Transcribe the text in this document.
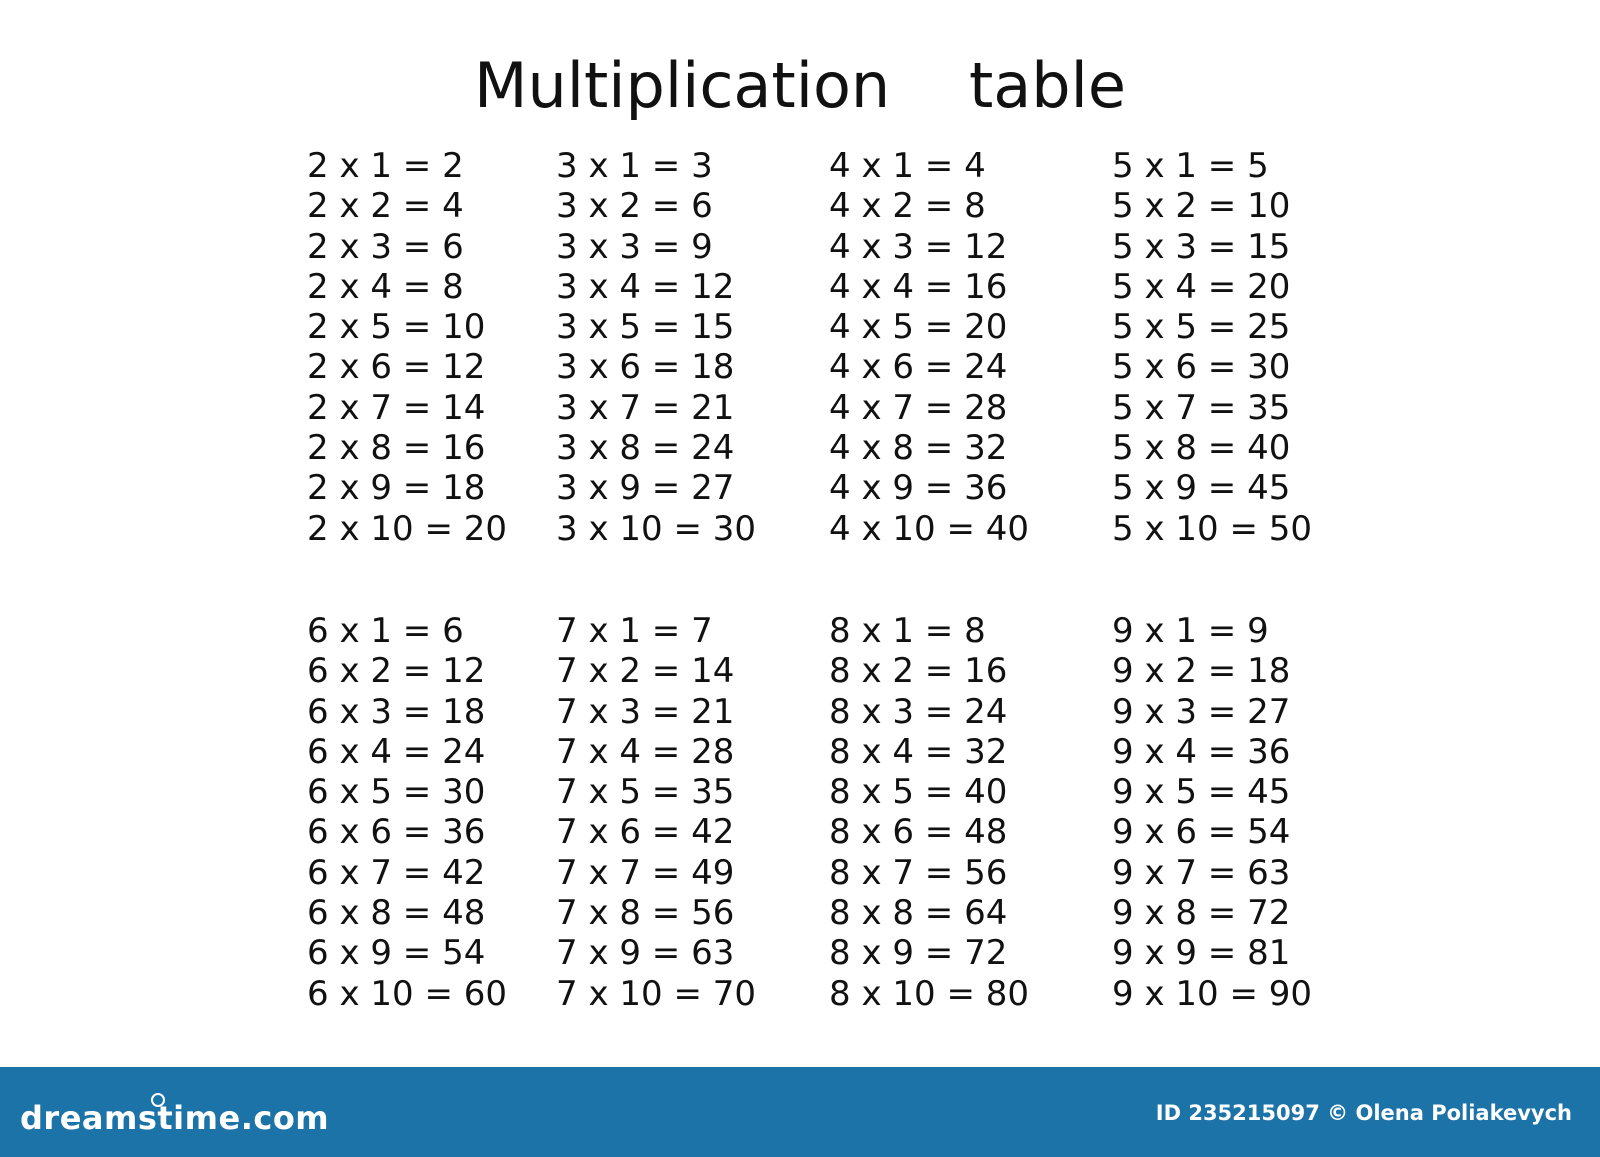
Multiplication    table
2 x 1 = 2
2 x 2 = 4
2 x 3 = 6
2 x 4 = 8
2 x 5 = 10
2 x 6 = 12
2 x 7 = 14
2 x 8 = 16
2 x 9 = 18
2 x 10 = 20
3 x 1 = 3
3 x 2 = 6
3 x 3 = 9
3 x 4 = 12
3 x 5 = 15
3 x 6 = 18
3 x 7 = 21
3 x 8 = 24
3 x 9 = 27
3 x 10 = 30
4 x 1 = 4
4 x 2 = 8
4 x 3 = 12
4 x 4 = 16
4 x 5 = 20
4 x 6 = 24
4 x 7 = 28
4 x 8 = 32
4 x 9 = 36
4 x 10 = 40
5 x 1 = 5
5 x 2 = 10
5 x 3 = 15
5 x 4 = 20
5 x 5 = 25
5 x 6 = 30
5 x 7 = 35
5 x 8 = 40
5 x 9 = 45
5 x 10 = 50
6 x 1 = 6
6 x 2 = 12
6 x 3 = 18
6 x 4 = 24
6 x 5 = 30
6 x 6 = 36
6 x 7 = 42
6 x 8 = 48
6 x 9 = 54
6 x 10 = 60
7 x 1 = 7
7 x 2 = 14
7 x 3 = 21
7 x 4 = 28
7 x 5 = 35
7 x 6 = 42
7 x 7 = 49
7 x 8 = 56
7 x 9 = 63
7 x 10 = 70
8 x 1 = 8
8 x 2 = 16
8 x 3 = 24
8 x 4 = 32
8 x 5 = 40
8 x 6 = 48
8 x 7 = 56
8 x 8 = 64
8 x 9 = 72
8 x 10 = 80
9 x 1 = 9
9 x 2 = 18
9 x 3 = 27
9 x 4 = 36
9 x 5 = 45
9 x 6 = 54
9 x 7 = 63
9 x 8 = 72
9 x 9 = 81
9 x 10 = 90
dreamstime.com	ID 235215097 © Olena Poliakevych
